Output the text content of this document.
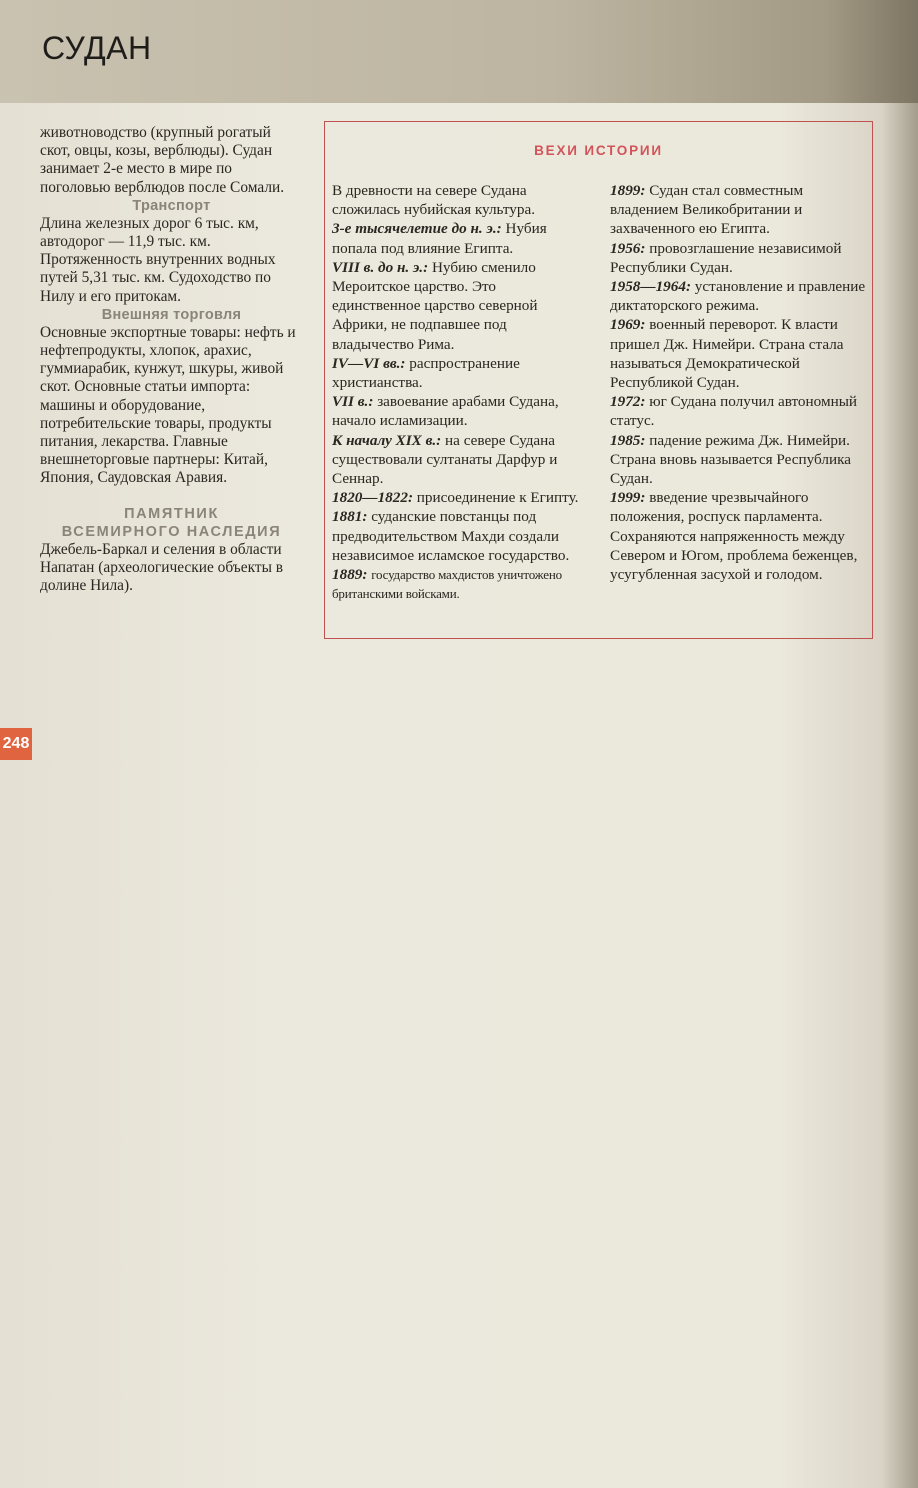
СУДАН

животноводство (крупный рогатый скот, овцы, козы, верблюды). Судан занимает 2-е место в мире по поголовью верблюдов после Сомали.

Транспорт

Длина железных дорог 6 тыс. км, автодорог — 11,9 тыс. км. Протяженность внутренних водных путей 5,31 тыс. км. Судоходство по Нилу и его притокам.

Внешняя торговля

Основные экспортные товары: нефть и нефтепродукты, хлопок, арахис, гуммиарабик, кунжут, шкуры, живой скот. Основные статьи импорта: машины и оборудование, потребительские товары, продукты питания, лекарства. Главные внешнеторговые партнеры: Китай, Япония, Саудовская Аравия.

ПАМЯТНИК
ВСЕМИРНОГО НАСЛЕДИЯ

Джебель-Баркал и селения в области Напатан (археологические объекты в долине Нила).

ВЕХИ ИСТОРИИ

В древности на севере Судана сложилась нубийская культура.

3-е тысячелетие до н. э.: Нубия попала под влияние Египта.

VIII в. до н. э.: Нубию сменило Мероитское царство. Это единственное царство северной Африки, не подпавшее под владычество Рима.

IV—VI вв.: распространение христианства.

VII в.: завоевание арабами Судана, начало исламизации.

К началу XIX в.: на севере Судана существовали султанаты Дарфур и Сеннар.

1820—1822: присоединение к Египту.

1881: суданские повстанцы под предводительством Махди создали независимое исламское государство.

1889: государство махдистов уничтожено британскими войсками.

1899: Судан стал совместным владением Великобритании и захваченного ею Египта.

1956: провозглашение независимой Республики Судан.

1958—1964: установление и правление диктаторского режима.

1969: военный переворот. К власти пришел Дж. Нимейри. Страна стала называться Демократической Республикой Судан.

1972: юг Судана получил автономный статус.

1985: падение режима Дж. Нимейри. Страна вновь называется Республика Судан.

1999: введение чрезвычайного положения, роспуск парламента. Сохраняются напряженность между Севером и Югом, проблема беженцев, усугубленная засухой и голодом.

248
